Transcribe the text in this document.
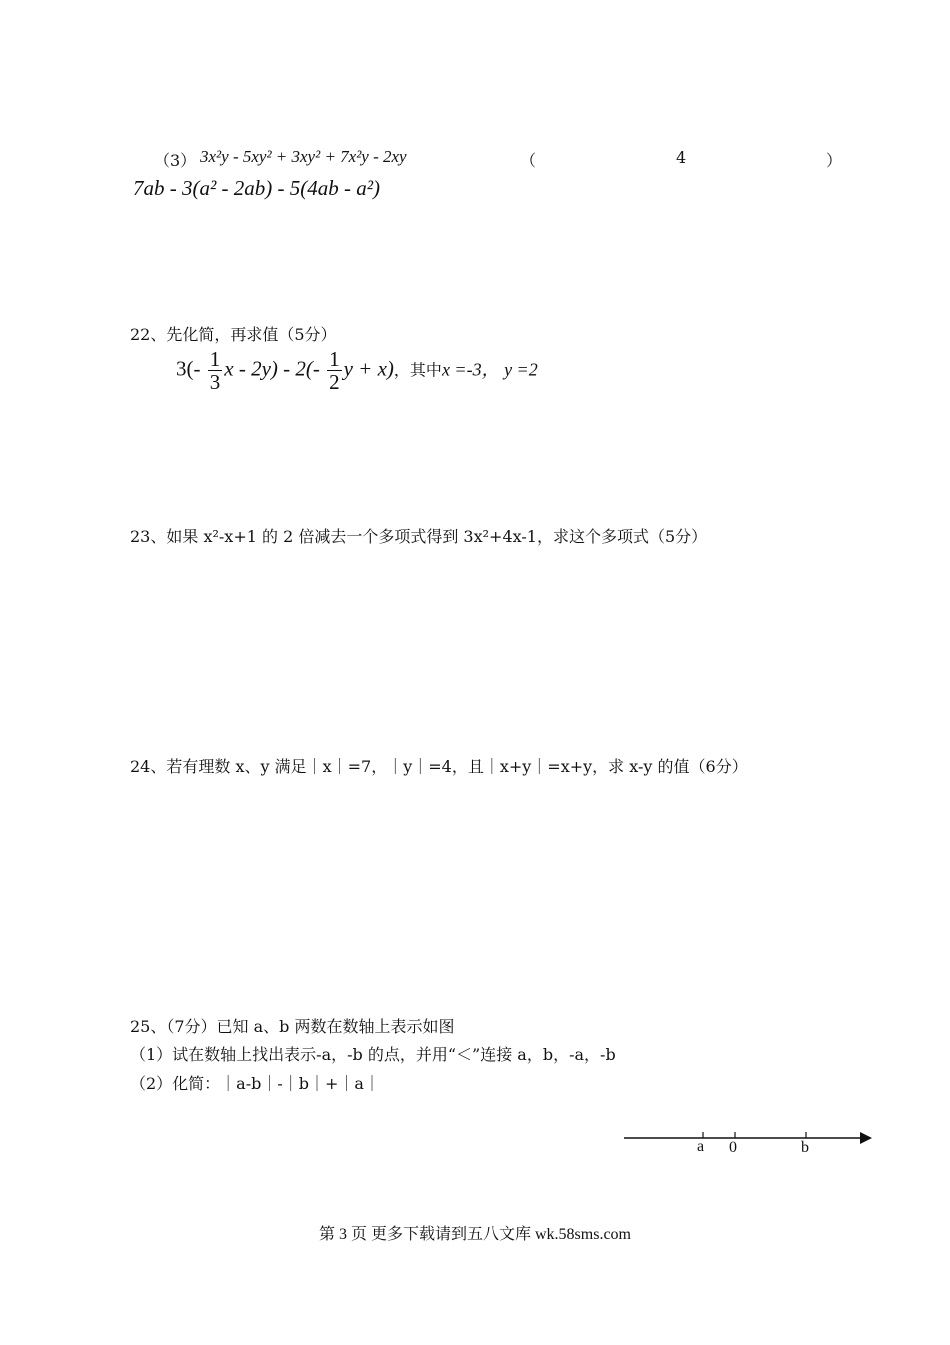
（3） 3x²y - 5xy² + 3xy² + 7x²y - 2xy	（	4	）
7ab - 3(a² - 2ab) - 5(4ab - a²)
22、先化简，再求值（5分）
$3(- \frac{1}{3}$ x - $2y) - 2(- \frac{1}{2}$ y + x)，其中x =-3， y =2
23、如果 x²-x+1 的 2 倍减去一个多项式得到 3x²+4x-1，求这个多项式（5分）
24、若有理数 x、y 满足｜x｜=7，｜y｜=4，且｜x+y｜=x+y，求 x-y 的值（6分）
25、（7分）已知 a、b 两数在数轴上表示如图
（1）试在数轴上找出表示-a，-b 的点，并用“＜”连接 a，b，-a，-b
（2）化简：｜a-b｜-｜b｜+｜a｜
a 0	b
第 3 页 更多下载请到五八文库 wk.58sms.com
